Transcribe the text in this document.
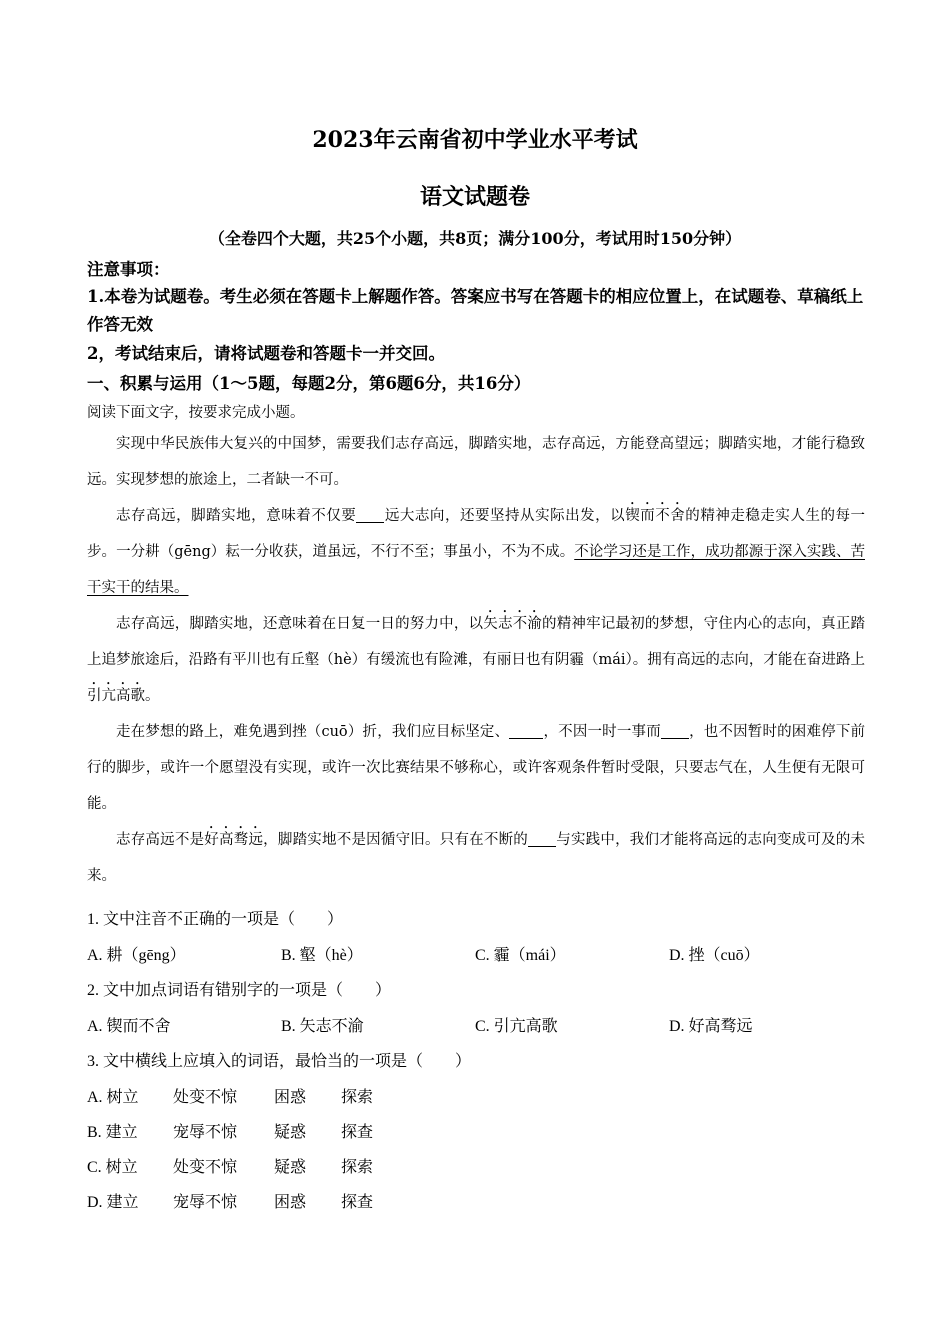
2023年云南省初中学业水平考试
语文试题卷
（全卷四个大题，共25个小题，共8页；满分100分，考试用时150分钟）
注意事项：
1.本卷为试题卷。考生必须在答题卡上解题作答。答案应书写在答题卡的相应位置上，在试题卷、草稿纸上作答无效
2，考试结束后，请将试题卷和答题卡一并交回。
一、积累与运用（1～5题，每题2分，第6题6分，共16分）
阅读下面文字，按要求完成小题。

实现中华民族伟大复兴的中国梦，需要我们志存高远，脚踏实地，志存高远，方能登高望远；脚踏实地，才能行稳致远。实现梦想的旅途上，二者缺一不可。

志存高远，脚踏实地，意味着不仅要 远大志向，还要坚持从实际出发，以锲而不舍的精神走稳走实人生的每一步。一分耕（gēng）耘一分收获，道虽远，不行不至；事虽小，不为不成。不论学习还是工作，成功都源于深入实践、苦干实干的结果。

志存高远，脚踏实地，还意味着在日复一日的努力中，以矢志不渝的精神牢记最初的梦想，守住内心的志向，真正踏上追梦旅途后，沿路有平川也有丘壑（hè）有缓流也有险滩，有丽日也有阴霾（mái）。拥有高远的志向，才能在奋进路上引亢高歌。

走在梦想的路上，难免遇到挫（cuō）折，我们应目标坚定、 ，不因一时一事而 ，也不因暂时的困难停下前行的脚步，或许一个愿望没有实现，或许一次比赛结果不够称心，或许客观条件暂时受限，只要志气在，人生便有无限可能。

志存高远不是好高骛远，脚踏实地不是因循守旧。只有在不断的 与实践中，我们才能将高远的志向变成可及的未来。

1. 文中注音不正确的一项是（　　）
A. 耕（gēng）	B. 壑（hè）	C. 霾（mái）	D. 挫（cuō）
2. 文中加点词语有错别字的一项是（　　）
A. 锲而不舍	B. 矢志不渝	C. 引亢高歌	D. 好高骛远
3. 文中横线上应填入的词语，最恰当的一项是（　　）
A. 树立 处变不惊 困惑 探索
B. 建立 宠辱不惊 疑惑 探查
C. 树立 处变不惊 疑惑 探索
D. 建立 宠辱不惊 困惑 探查
